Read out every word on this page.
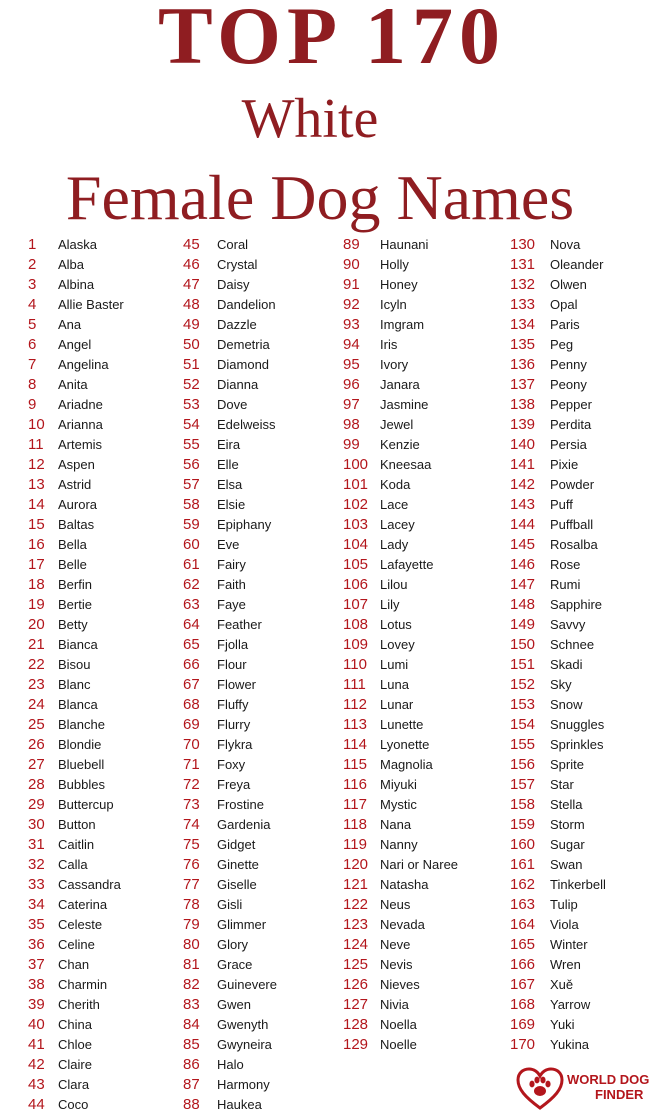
TOP 170
White
Female Dog Names
1 Alaska
2 Alba
3 Albina
4 Allie Baster
5 Ana
6 Angel
7 Angelina
8 Anita
9 Ariadne
10 Arianna
11 Artemis
12 Aspen
13 Astrid
14 Aurora
15 Baltas
16 Bella
17 Belle
18 Berfin
19 Bertie
20 Betty
21 Bianca
22 Bisou
23 Blanc
24 Blanca
25 Blanche
26 Blondie
27 Bluebell
28 Bubbles
29 Buttercup
30 Button
31 Caitlin
32 Calla
33 Cassandra
34 Caterina
35 Celeste
36 Celine
37 Chan
38 Charmin
39 Cherith
40 China
41 Chloe
42 Claire
43 Clara
44 Coco
45 Coral
46 Crystal
47 Daisy
48 Dandelion
49 Dazzle
50 Demetria
51 Diamond
52 Dianna
53 Dove
54 Edelweiss
55 Eira
56 Elle
57 Elsa
58 Elsie
59 Epiphany
60 Eve
61 Fairy
62 Faith
63 Faye
64 Feather
65 Fjolla
66 Flour
67 Flower
68 Fluffy
69 Flurry
70 Flykra
71 Foxy
72 Freya
73 Frostine
74 Gardenia
75 Gidget
76 Ginette
77 Giselle
78 Gisli
79 Glimmer
80 Glory
81 Grace
82 Guinevere
83 Gwen
84 Gwenyth
85 Gwyneira
86 Halo
87 Harmony
88 Haukea
89 Haunani
90 Holly
91 Honey
92 Icyln
93 Imgram
94 Iris
95 Ivory
96 Janara
97 Jasmine
98 Jewel
99 Kenzie
100 Kneesaa
101 Koda
102 Lace
103 Lacey
104 Lady
105 Lafayette
106 Lilou
107 Lily
108 Lotus
109 Lovey
110 Lumi
111 Luna
112 Lunar
113 Lunette
114 Lyonette
115 Magnolia
116 Miyuki
117 Mystic
118 Nana
119 Nanny
120 Nari or Naree
121 Natasha
122 Neus
123 Nevada
124 Neve
125 Nevis
126 Nieves
127 Nivia
128 Noella
129 Noelle
130 Nova
131 Oleander
132 Olwen
133 Opal
134 Paris
135 Peg
136 Penny
137 Peony
138 Pepper
139 Perdita
140 Persia
141 Pixie
142 Powder
143 Puff
144 Puffball
145 Rosalba
146 Rose
147 Rumi
148 Sapphire
149 Savvy
150 Schnee
151 Skadi
152 Sky
153 Snow
154 Snuggles
155 Sprinkles
156 Sprite
157 Star
158 Stella
159 Storm
160 Sugar
161 Swan
162 Tinkerbell
163 Tulip
164 Viola
165 Winter
166 Wren
167 Xuě
168 Yarrow
169 Yuki
170 Yukina
WORLD DOG
FINDER
